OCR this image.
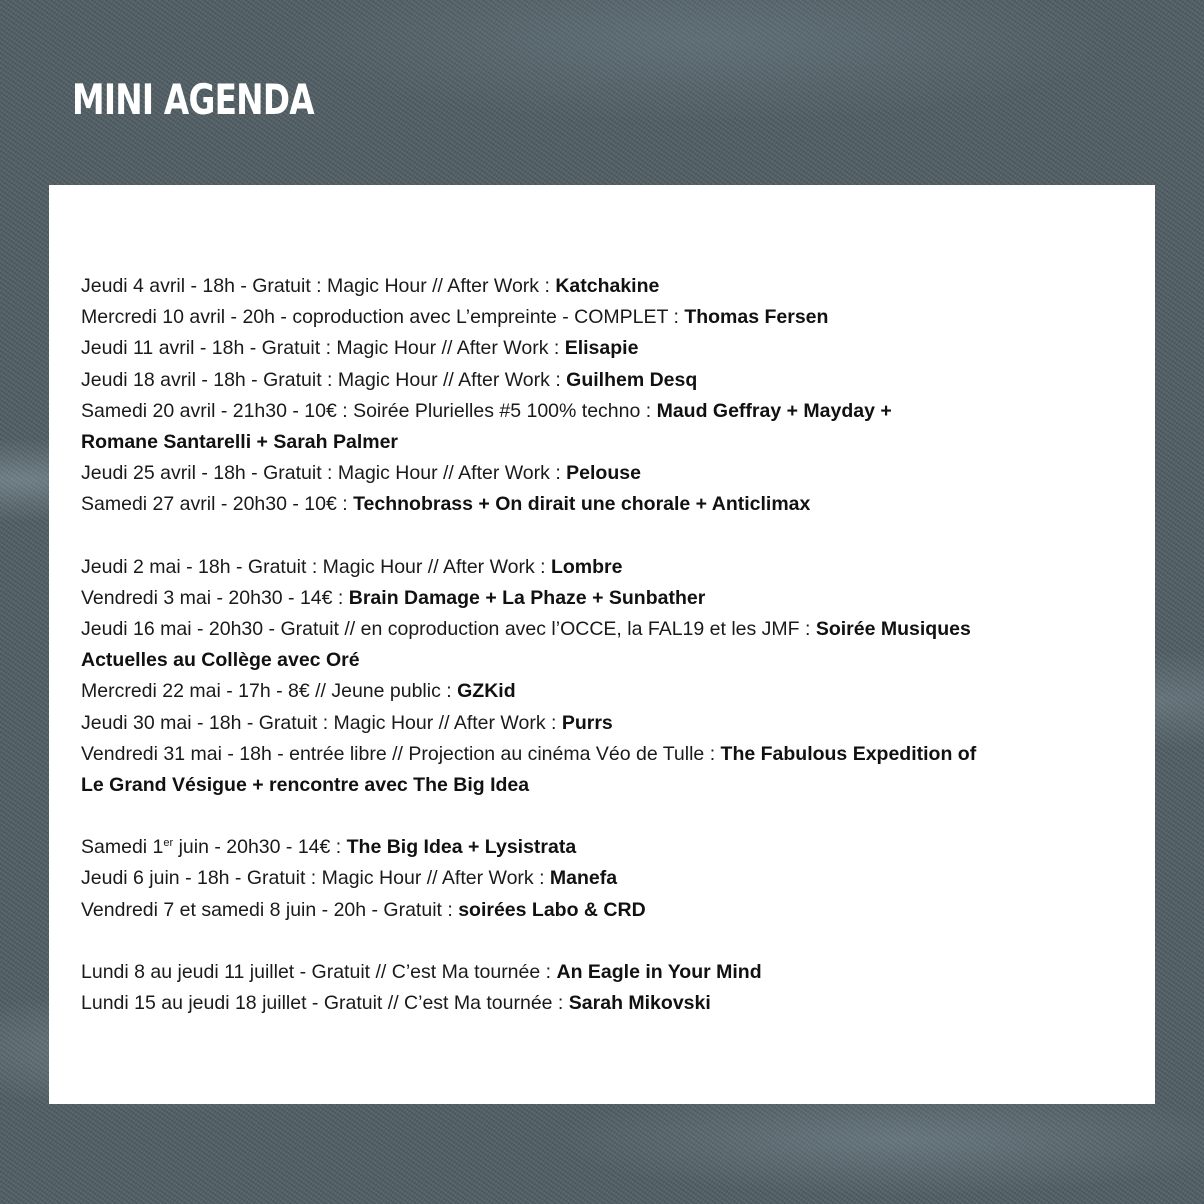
MINI AGENDA
Jeudi 4 avril - 18h - Gratuit : Magic Hour // After Work : Katchakine
Mercredi 10 avril - 20h - coproduction avec L’empreinte - COMPLET : Thomas Fersen
Jeudi 11 avril - 18h - Gratuit : Magic Hour // After Work : Elisapie
Jeudi 18 avril - 18h - Gratuit : Magic Hour // After Work : Guilhem Desq
Samedi 20 avril - 21h30 - 10€ : Soirée Plurielles #5 100% techno : Maud Geffray + Mayday +
Romane Santarelli + Sarah Palmer
Jeudi 25 avril - 18h - Gratuit : Magic Hour // After Work : Pelouse
Samedi 27 avril - 20h30 - 10€ : Technobrass + On dirait une chorale + Anticlimax
Jeudi 2 mai - 18h - Gratuit : Magic Hour // After Work : Lombre
Vendredi 3 mai - 20h30 - 14€ : Brain Damage + La Phaze + Sunbather
Jeudi 16 mai - 20h30 - Gratuit // en coproduction avec l’OCCE, la FAL19 et les JMF : Soirée Musiques
Actuelles au Collège avec Oré
Mercredi 22 mai - 17h - 8€ // Jeune public : GZKid
Jeudi 30 mai - 18h - Gratuit : Magic Hour // After Work : Purrs
Vendredi 31 mai - 18h - entrée libre // Projection au cinéma Véo de Tulle : The Fabulous Expedition of
Le Grand Vésigue + rencontre avec The Big Idea
Samedi 1er juin - 20h30 - 14€ : The Big Idea + Lysistrata
Jeudi 6 juin - 18h - Gratuit : Magic Hour // After Work : Manefa
Vendredi 7 et samedi 8 juin - 20h - Gratuit : soirées Labo & CRD
Lundi 8 au jeudi 11 juillet - Gratuit // C’est Ma tournée : An Eagle in Your Mind
Lundi 15 au jeudi 18 juillet - Gratuit // C’est Ma tournée : Sarah Mikovski
